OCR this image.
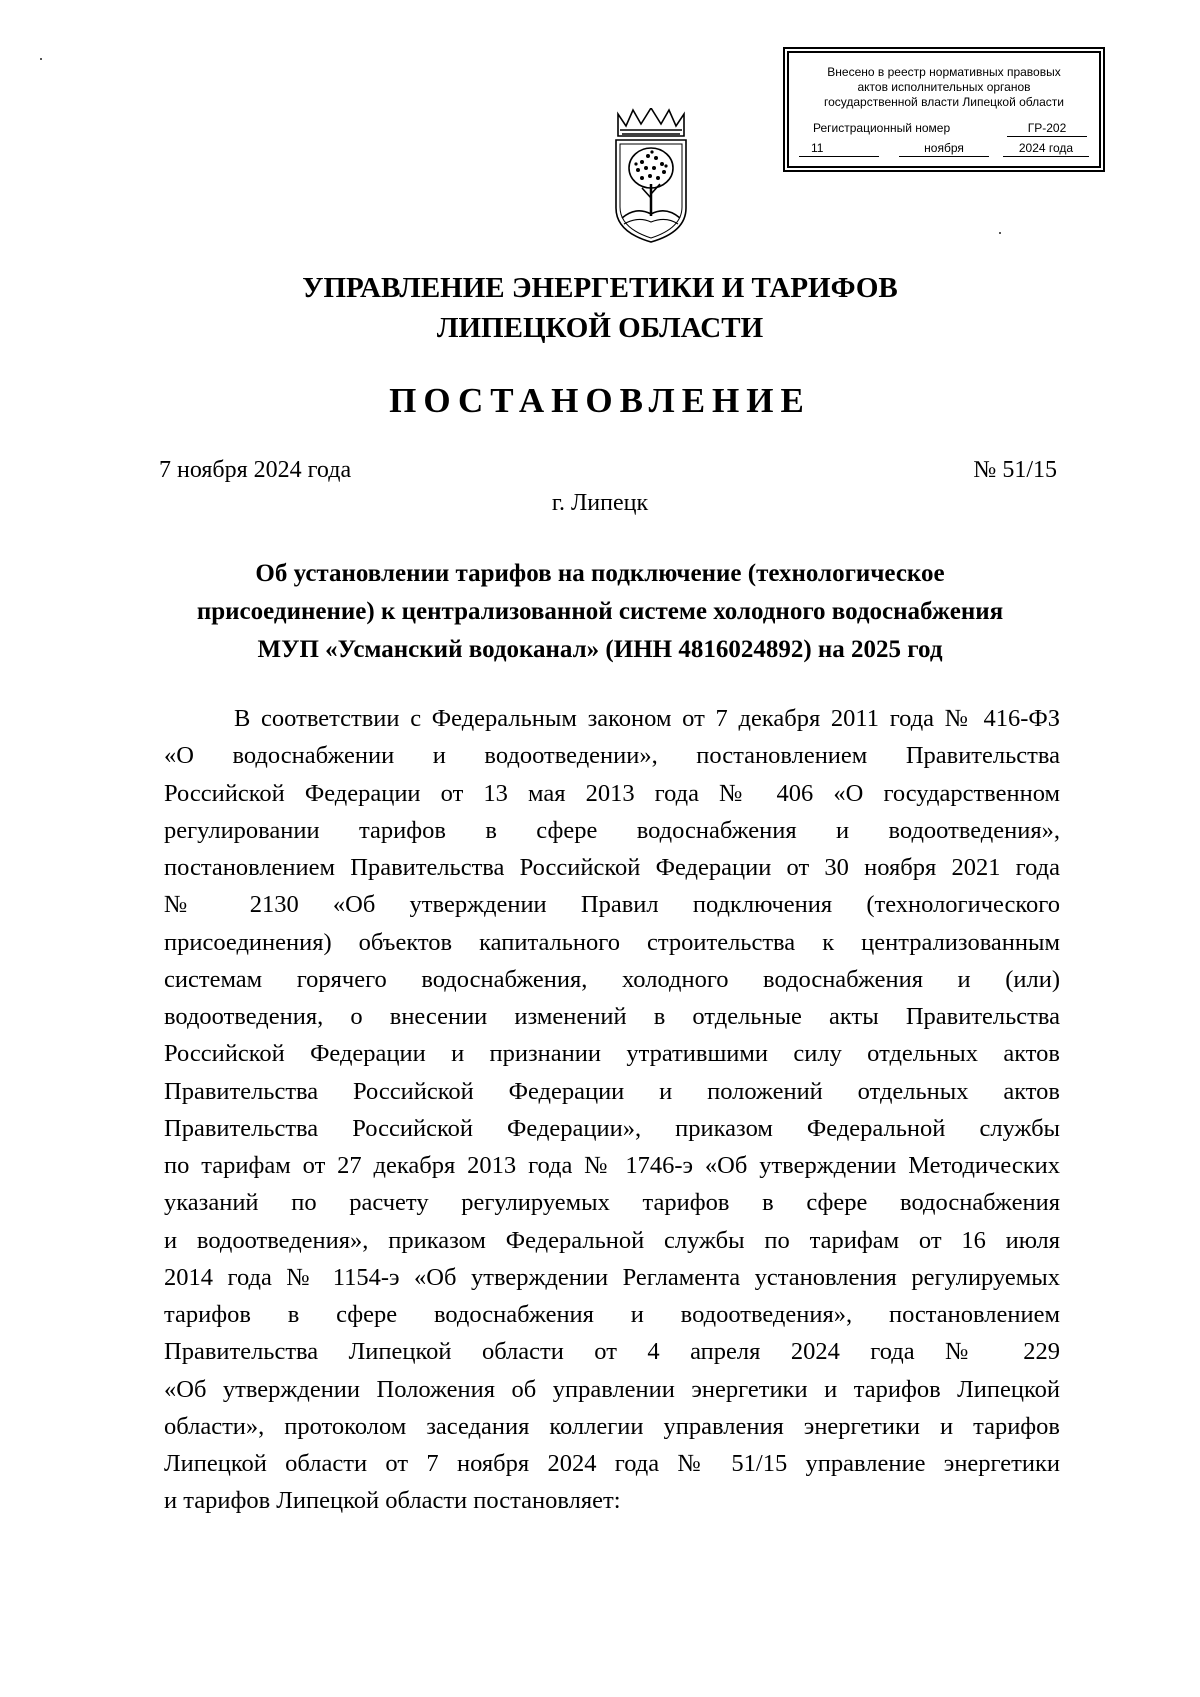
Внесено в реестр нормативных правовых
актов исполнительных органов
государственной власти Липецкой области
Регистрационный номер	ГР-202
11	ноября	2024 года
УПРАВЛЕНИЕ ЭНЕРГЕТИКИ И ТАРИФОВ
ЛИПЕЦКОЙ ОБЛАСТИ
ПОСТАНОВЛЕНИЕ
7 ноября 2024 года	№ 51/15
г. Липецк
Об установлении тарифов на подключение (технологическое
присоединение) к централизованной системе холодного водоснабжения
МУП «Усманский водоканал» (ИНН 4816024892) на 2025 год
В соответствии с Федеральным законом от 7 декабря 2011 года № 416-ФЗ
«О водоснабжении и водоотведении», постановлением Правительства
Российской Федерации от 13 мая 2013 года № 406 «О государственном
регулировании тарифов в сфере водоснабжения и водоотведения»,
постановлением Правительства Российской Федерации от 30 ноября 2021 года
№ 2130 «Об утверждении Правил подключения (технологического
присоединения) объектов капитального строительства к централизованным
системам горячего водоснабжения, холодного водоснабжения и (или)
водоотведения, о внесении изменений в отдельные акты Правительства
Российской Федерации и признании утратившими силу отдельных актов
Правительства Российской Федерации и положений отдельных актов
Правительства Российской Федерации», приказом Федеральной службы
по тарифам от 27 декабря 2013 года № 1746-э «Об утверждении Методических
указаний по расчету регулируемых тарифов в сфере водоснабжения
и водоотведения», приказом Федеральной службы по тарифам от 16 июля
2014 года № 1154-э «Об утверждении Регламента установления регулируемых
тарифов в сфере водоснабжения и водоотведения», постановлением
Правительства Липецкой области от 4 апреля 2024 года № 229
«Об утверждении Положения об управлении энергетики и тарифов Липецкой
области», протоколом заседания коллегии управления энергетики и тарифов
Липецкой области от 7 ноября 2024 года № 51/15 управление энергетики
и тарифов Липецкой области постановляет:
